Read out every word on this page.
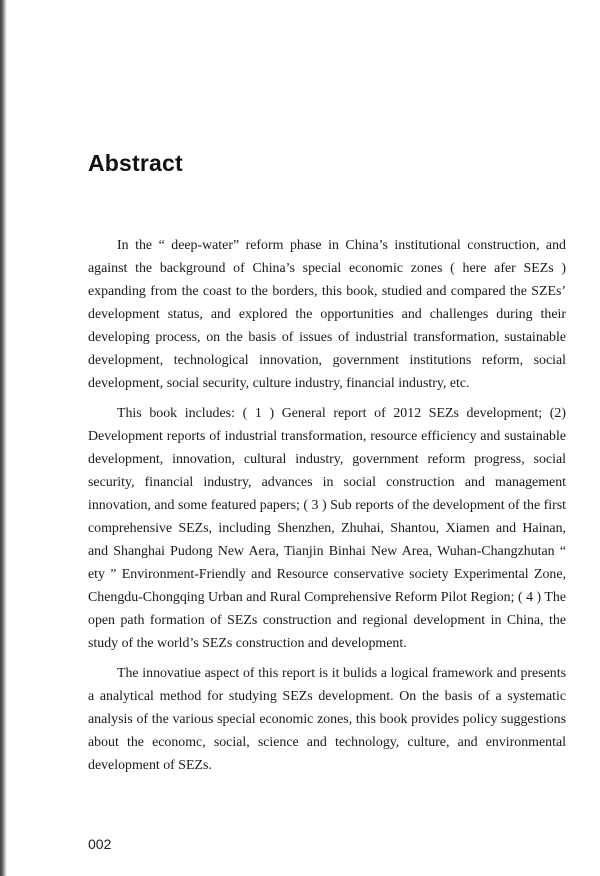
Abstract

In the “ deep-water” reform phase in China’s institutional construction, and against the background of China’s special economic zones ( here afer SEZs ) expanding from the coast to the borders, this book, studied and compared the SZEs’ development status, and explored the opportunities and challenges during their developing process, on the basis of issues of industrial transformation, sustainable development, technological innovation, government institutions reform, social development, social security, culture industry, financial industry, etc.

This book includes: ( 1 ) General report of 2012 SEZs development; (2) Development reports of industrial transformation, resource efficiency and sustainable development, innovation, cultural industry, government reform progress, social security, financial industry, advances in social construction and management innovation, and some featured papers; ( 3 ) Sub reports of the development of the first comprehensive SEZs, including Shenzhen, Zhuhai, Shantou, Xiamen and Hainan, and Shanghai Pudong New Aera, Tianjin Binhai New Area, Wuhan-Changzhutan “ ety ” Environment-Friendly and Resource conservative society Experimental Zone, Chengdu-Chongqing Urban and Rural Comprehensive Reform Pilot Region; ( 4 ) The open path formation of SEZs construction and regional development in China, the study of the world’s SEZs construction and development.

The innovatiue aspect of this report is it bulids a logical framework and presents a analytical method for studying SEZs development. On the basis of a systematic analysis of the various special economic zones, this book provides policy suggestions about the economc, social, science and technology, culture, and environmental development of SEZs.

002
